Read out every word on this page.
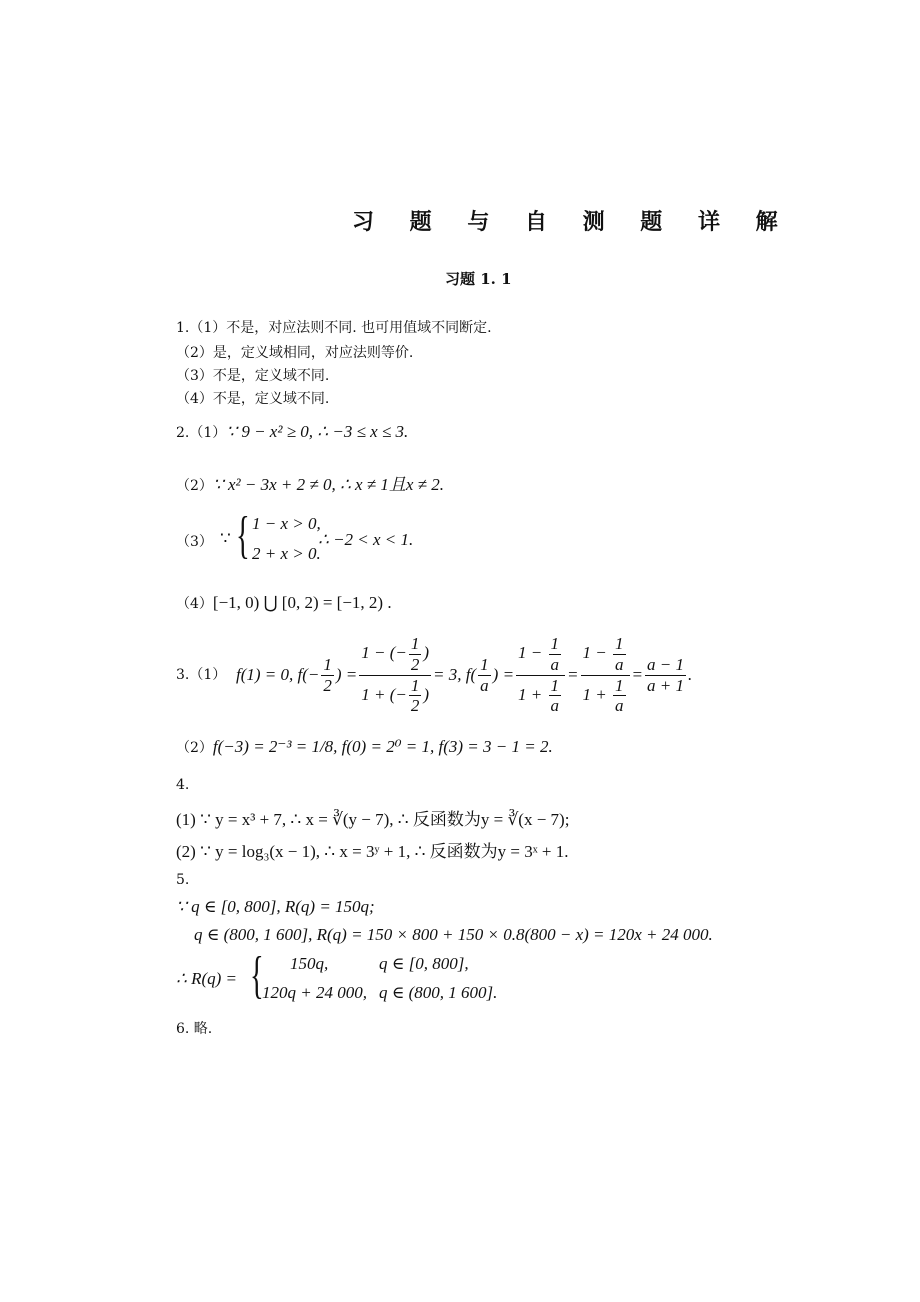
习 题 与 自 测 题 详 解
习题 1. 1
1.（1）不是，对应法则不同. 也可用值域不同断定.
（2）是，定义域相同，对应法则等价.
（3）不是，定义域不同.
（4）不是，定义域不同.
2.（1）∵ 9 − x² ≥ 0, ∴ −3 ≤ x ≤ 3.
（2）∵ x² − 3x + 2 ≠ 0, ∴ x ≠ 1且x ≠ 2.
（3） ∵ { 1 − x > 0,
2 + x > 0.
∴ −2 < x < 1.
（4）[−1, 0) ⋃ [0, 2) = [−1, 2) .
3.（1） f(1) = 0, $f(- \frac{1}{2}$ ) = $\frac{1 - (- \frac{1}{2} )}{1 + (- \frac{1}{2} )} = 3$, $f( \frac{1}{a}$ ) = $\frac{1 - \frac{1}{a}}{1 + \frac{1}{a}} = \frac{1 - \frac{1}{a}}{1 + \frac{1}{a}} = \frac{a - 1}{a + 1}$ .
（2）f(−3) = 2⁻³ = 1/8, f(0) = 2⁰ = 1, f(3) = 3 − 1 = 2.
4.
(1) ∵ y = x³ + 7, ∴ x = ∛(y − 7), ∴ 反函数为y = ∛(x − 7);
(2) ∵ y = log₃(x − 1), ∴ x = 3ʸ + 1, ∴ 反函数为y = 3ˣ + 1.
5.
∵ q ∈ [0, 800], R(q) = 150q;
q ∈ (800, 1 600], R(q) = 150 × 800 + 150 × 0.8(800 − x) = 120x + 24 000.
∴ R(q) = { 150q,	q ∈ [0, 800],
120q + 24 000, q ∈ (800, 1 600].
6. 略.
